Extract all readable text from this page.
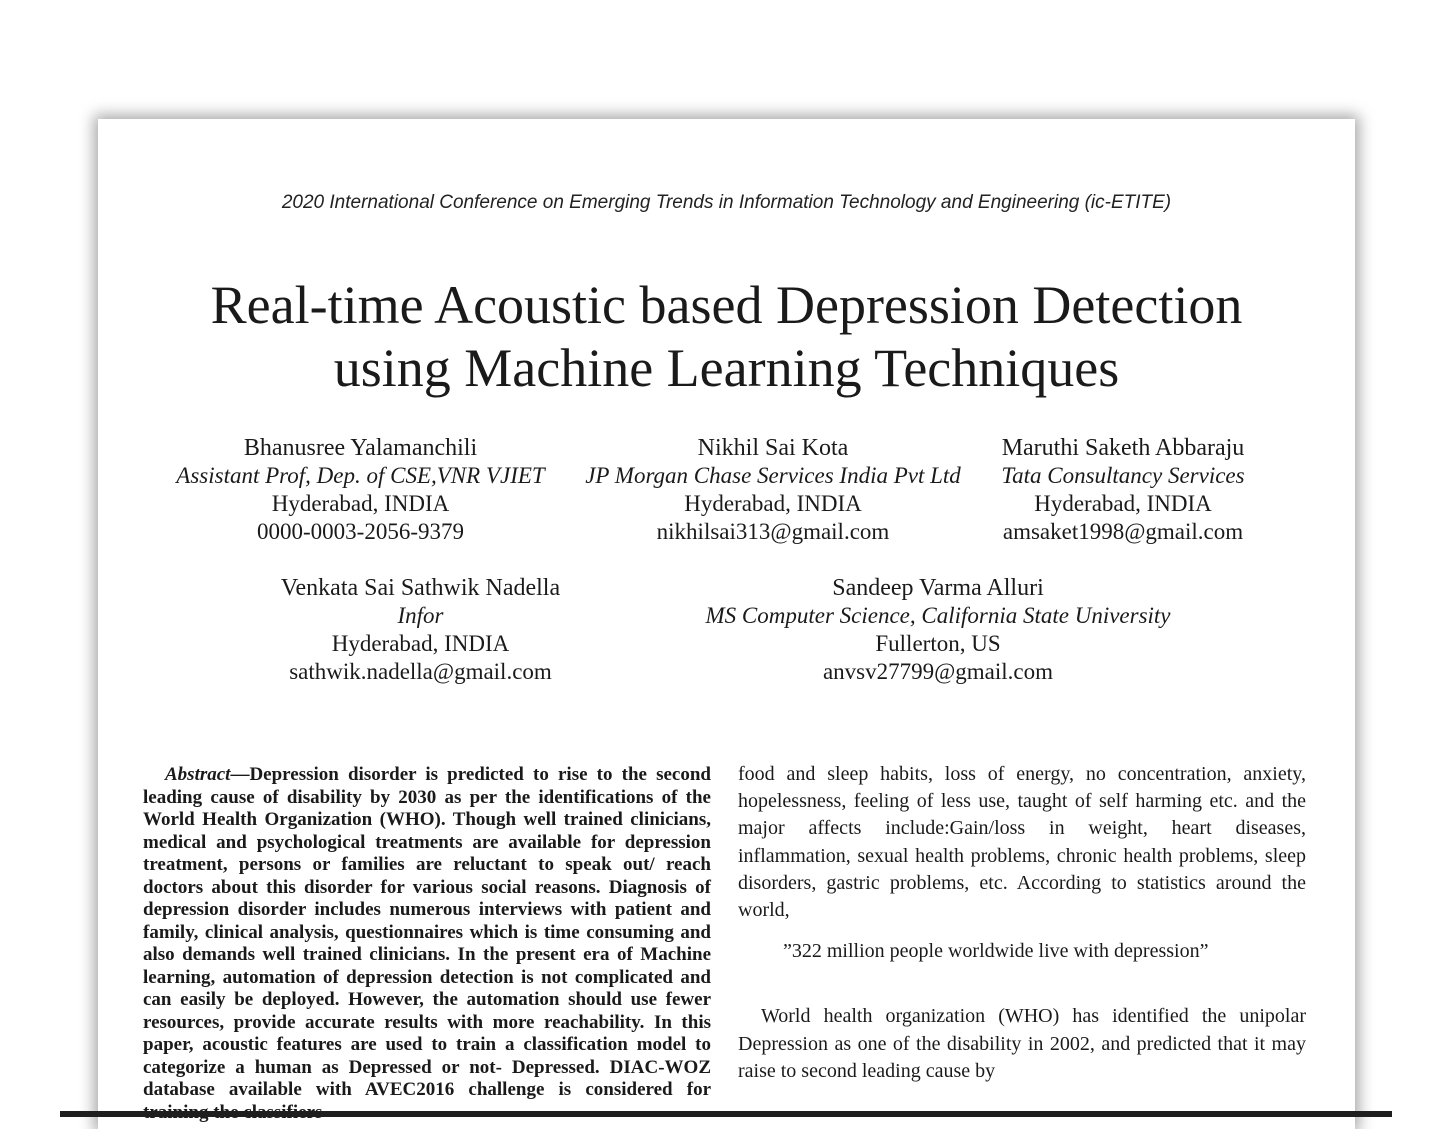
2020 International Conference on Emerging Trends in Information Technology and Engineering (ic-ETITE)
Real-time Acoustic based Depression Detection
using Machine Learning Techniques
Bhanusree Yalamanchili
Assistant Prof, Dep. of CSE,VNR VJIET
Hyderabad, INDIA
0000-0003-2056-9379
Nikhil Sai Kota
JP Morgan Chase Services India Pvt Ltd
Hyderabad, INDIA
nikhilsai313@gmail.com
Maruthi Saketh Abbaraju
Tata Consultancy Services
Hyderabad, INDIA
amsaket1998@gmail.com
Venkata Sai Sathwik Nadella
Infor
Hyderabad, INDIA
sathwik.nadella@gmail.com
Sandeep Varma Alluri
MS Computer Science, California State University
Fullerton, US
anvsv27799@gmail.com
Abstract—Depression disorder is predicted to rise to the second leading cause of disability by 2030 as per the identifications of the World Health Organization (WHO). Though well trained clinicians, medical and psychological treatments are available for depression treatment, persons or families are reluctant to speak out/ reach doctors about this disorder for various social reasons. Diagnosis of depression disorder includes numerous interviews with patient and family, clinical analysis, questionnaires which is time consuming and also demands well trained clinicians. In the present era of Machine learning, automation of depression detection is not complicated and can easily be deployed. However, the automation should use fewer resources, provide accurate results with more reachability. In this paper, acoustic features are used to train a classification model to categorize a human as Depressed or not- Depressed. DIAC-WOZ database available with AVEC2016 challenge is considered for

food and sleep habits, loss of energy, no concentration, anxiety, hopelessness, feeling of less use, taught of self harming etc. and the major affects include:Gain/loss in weight, heart diseases, inflammation, sexual health problems, chronic health problems, sleep disorders, gastric problems, etc. According to statistics around the world,

”322 million people worldwide live with depression”

World health organization (WHO) has identified the unipolar Depression as one of the disability in 2002, and predicted that it may raise to second leading cause by
